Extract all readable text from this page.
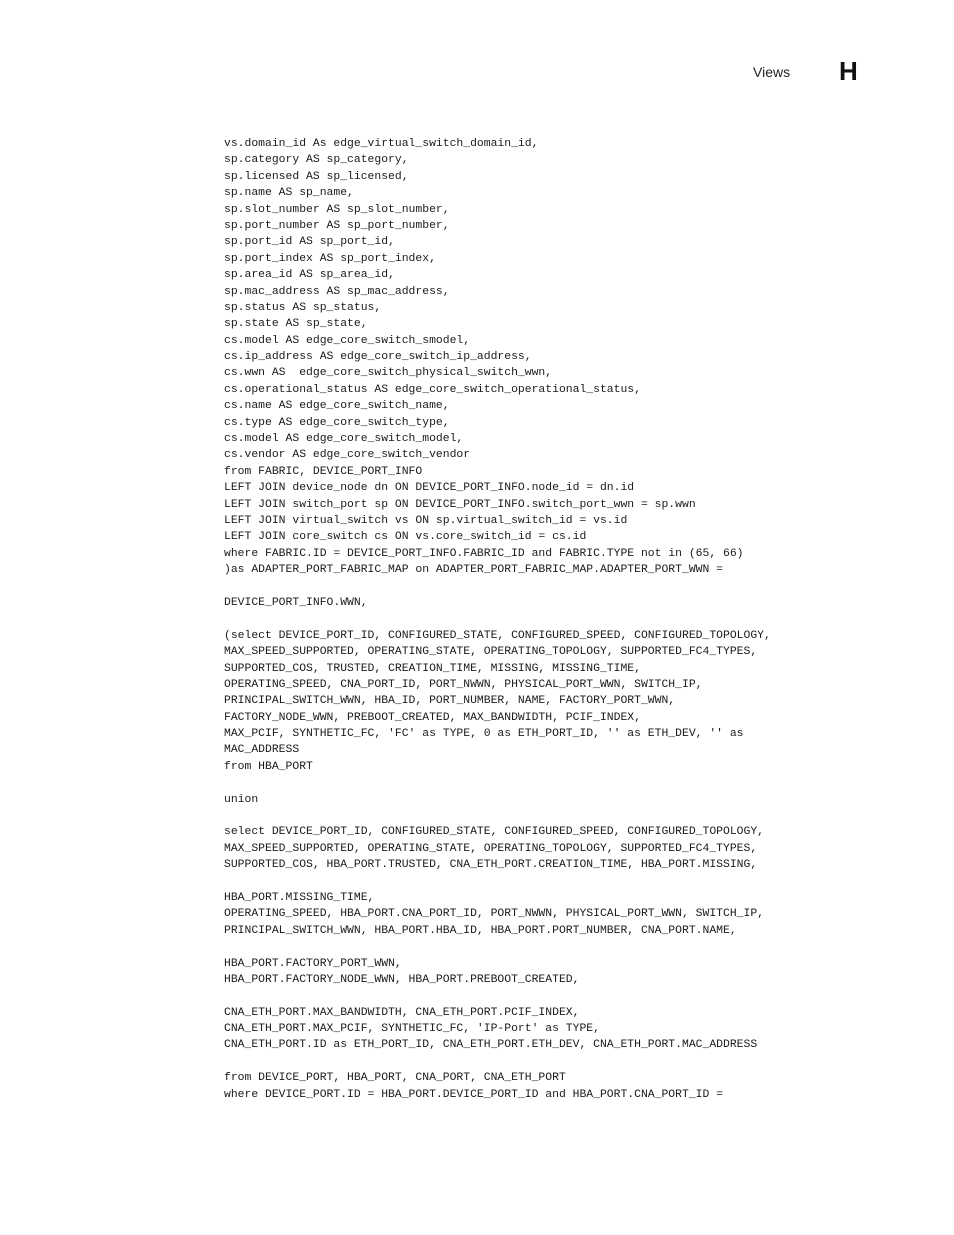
Views H
vs.domain_id As edge_virtual_switch_domain_id,
sp.category AS sp_category,
sp.licensed AS sp_licensed,
sp.name AS sp_name,
sp.slot_number AS sp_slot_number,
sp.port_number AS sp_port_number,
sp.port_id AS sp_port_id,
sp.port_index AS sp_port_index,
sp.area_id AS sp_area_id,
sp.mac_address AS sp_mac_address,
sp.status AS sp_status,
sp.state AS sp_state,
cs.model AS edge_core_switch_smodel,
cs.ip_address AS edge_core_switch_ip_address,
cs.wwn AS  edge_core_switch_physical_switch_wwn,
cs.operational_status AS edge_core_switch_operational_status,
cs.name AS edge_core_switch_name,
cs.type AS edge_core_switch_type,
cs.model AS edge_core_switch_model,
cs.vendor AS edge_core_switch_vendor
from FABRIC, DEVICE_PORT_INFO
LEFT JOIN device_node dn ON DEVICE_PORT_INFO.node_id = dn.id
LEFT JOIN switch_port sp ON DEVICE_PORT_INFO.switch_port_wwn = sp.wwn
LEFT JOIN virtual_switch vs ON sp.virtual_switch_id = vs.id
LEFT JOIN core_switch cs ON vs.core_switch_id = cs.id
where FABRIC.ID = DEVICE_PORT_INFO.FABRIC_ID and FABRIC.TYPE not in (65, 66)
)as ADAPTER_PORT_FABRIC_MAP on ADAPTER_PORT_FABRIC_MAP.ADAPTER_PORT_WWN =
DEVICE_PORT_INFO.WWN,
(select DEVICE_PORT_ID, CONFIGURED_STATE, CONFIGURED_SPEED, CONFIGURED_TOPOLOGY,
MAX_SPEED_SUPPORTED, OPERATING_STATE, OPERATING_TOPOLOGY, SUPPORTED_FC4_TYPES,
SUPPORTED_COS, TRUSTED, CREATION_TIME, MISSING, MISSING_TIME,
OPERATING_SPEED, CNA_PORT_ID, PORT_NWWN, PHYSICAL_PORT_WWN, SWITCH_IP,
PRINCIPAL_SWITCH_WWN, HBA_ID, PORT_NUMBER, NAME, FACTORY_PORT_WWN,
FACTORY_NODE_WWN, PREBOOT_CREATED, MAX_BANDWIDTH, PCIF_INDEX,
MAX_PCIF, SYNTHETIC_FC, 'FC' as TYPE, 0 as ETH_PORT_ID, '' as ETH_DEV, '' as
MAC_ADDRESS
from HBA_PORT
union
select DEVICE_PORT_ID, CONFIGURED_STATE, CONFIGURED_SPEED, CONFIGURED_TOPOLOGY,
MAX_SPEED_SUPPORTED, OPERATING_STATE, OPERATING_TOPOLOGY, SUPPORTED_FC4_TYPES,
SUPPORTED_COS, HBA_PORT.TRUSTED, CNA_ETH_PORT.CREATION_TIME, HBA_PORT.MISSING,
HBA_PORT.MISSING_TIME,
OPERATING_SPEED, HBA_PORT.CNA_PORT_ID, PORT_NWWN, PHYSICAL_PORT_WWN, SWITCH_IP,
PRINCIPAL_SWITCH_WWN, HBA_PORT.HBA_ID, HBA_PORT.PORT_NUMBER, CNA_PORT.NAME,
HBA_PORT.FACTORY_PORT_WWN,
HBA_PORT.FACTORY_NODE_WWN, HBA_PORT.PREBOOT_CREATED,
CNA_ETH_PORT.MAX_BANDWIDTH, CNA_ETH_PORT.PCIF_INDEX,
CNA_ETH_PORT.MAX_PCIF, SYNTHETIC_FC, 'IP-Port' as TYPE,
CNA_ETH_PORT.ID as ETH_PORT_ID, CNA_ETH_PORT.ETH_DEV, CNA_ETH_PORT.MAC_ADDRESS
from DEVICE_PORT, HBA_PORT, CNA_PORT, CNA_ETH_PORT
where DEVICE_PORT.ID = HBA_PORT.DEVICE_PORT_ID and HBA_PORT.CNA_PORT_ID =
